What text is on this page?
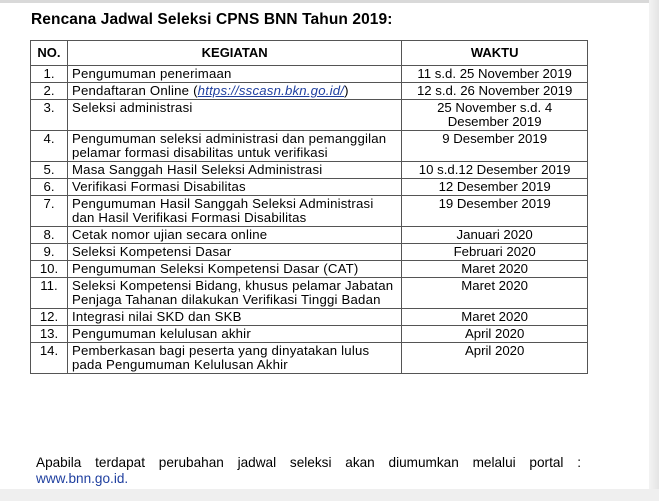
Rencana Jadwal Seleksi CPNS BNN Tahun 2019:
NO.	KEGIATAN	WAKTU
1.	Pengumuman penerimaan	11 s.d. 25 November 2019
2.	Pendaftaran Online (https://sscasn.bkn.go.id/)	12 s.d. 26 November 2019
3.	Seleksi administrasi	25 November s.d. 4 Desember 2019
4.	Pengumuman seleksi administrasi dan pemanggilan pelamar formasi disabilitas untuk verifikasi	9 Desember 2019
5.	Masa Sanggah Hasil Seleksi Administrasi	10 s.d.12 Desember 2019
6.	Verifikasi Formasi Disabilitas	12 Desember 2019
7.	Pengumuman Hasil Sanggah Seleksi Administrasi dan Hasil Verifikasi Formasi Disabilitas	19 Desember 2019
8.	Cetak nomor ujian secara online	Januari 2020
9.	Seleksi Kompetensi Dasar	Februari 2020
10.	Pengumuman Seleksi Kompetensi Dasar (CAT)	Maret 2020
11.	Seleksi Kompetensi Bidang, khusus pelamar Jabatan Penjaga Tahanan dilakukan Verifikasi Tinggi Badan	Maret 2020
12.	Integrasi nilai SKD dan SKB	Maret 2020
13.	Pengumuman kelulusan akhir	April 2020
14.	Pemberkasan bagi peserta yang dinyatakan lulus pada Pengumuman Kelulusan Akhir	April 2020
Apabila terdapat perubahan jadwal seleksi akan diumumkan melalui portal : www.bnn.go.id.
